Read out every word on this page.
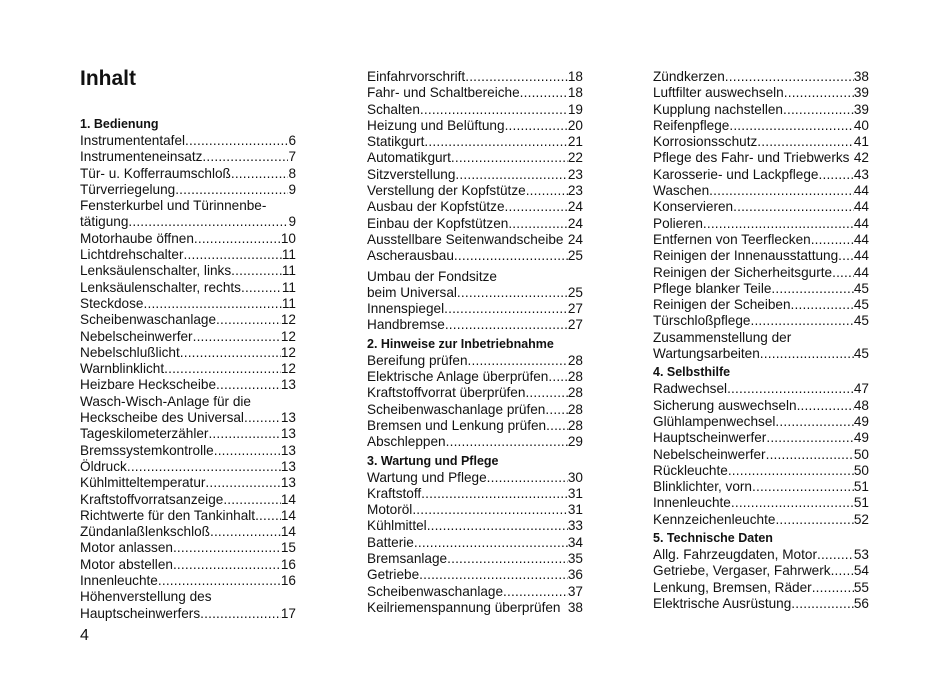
Inhalt
1. Bedienung
Instrumententafel .....	6
Instrumenteneinsatz .....	7
Tür- u. Kofferraumschloß .....	8
Türverriegelung .....	9
Fensterkurbel und Türinnenbe-
tätigung .....	9
Motorhaube öffnen .....	10
Lichtdrehschalter .....	11
Lenksäulenschalter, links .....	11
Lenksäulenschalter, rechts .....	11
Steckdose .....	11
Scheibenwaschanlage .....	12
Nebelscheinwerfer .....	12
Nebelschlußlicht .....	12
Warnblinklicht .....	12
Heizbare Heckscheibe .....	13
Wasch-Wisch-Anlage für die
Heckscheibe des Universal .....	13
Tageskilometerzähler .....	13
Bremssystemkontrolle .....	13
Öldruck .....	13
Kühlmitteltemperatur .....	13
Kraftstoffvorratsanzeige .....	14
Richtwerte für den Tankinhalt ..... 14
Zündanlaßlenkschloß .....	14
Motor anlassen .....	15
Motor abstellen .....	16
Innenleuchte .....	16
Höhenverstellung des
Hauptscheinwerfers .....	17
Einfahrvorschrift .....	18
Fahr- und Schaltbereiche .....	18
Schalten .....	19
Heizung und Belüftung .....	20
Statikgurt .....	21
Automatikgurt .....	22
Sitzverstellung .....	23
Verstellung der Kopfstütze .....	23
Ausbau der Kopfstütze .....	24
Einbau der Kopfstützen .....	24
Ausstellbare Seitenwandscheibe 24
Ascherausbau .....	25
Umbau der Fondsitze
beim Universal .....	25
Innenspiegel .....	27
Handbremse .....	27
2. Hinweise zur Inbetriebnahme
Bereifung prüfen .....	28
Elektrische Anlage überprüfen ..... 28
Kraftstoffvorrat überprüfen .....	28
Scheibenwaschanlage prüfen ..... 28
Bremsen und Lenkung prüfen ..... 28
Abschleppen .....	29
3. Wartung und Pflege
Wartung und Pflege .....	30
Kraftstoff .....	31
Motoröl .....	31
Kühlmittel .....	33
Batterie .....	34
Bremsanlage .....	35
Getriebe .....	36
Scheibenwaschanlage .....	37
Keilriemenspannung überprüfen 38
Zündkerzen .....	38
Luftfilter auswechseln .....	39
Kupplung nachstellen .....	39
Reifenpflege .....	40
Korrosionsschutz .....	41
Pflege des Fahr- und Triebwerks 42
Karosserie- und Lackpflege .....	43
Waschen .....	44
Konservieren .....	44
Polieren .....	44
Entfernen von Teerflecken .....	44
Reinigen der Innenausstattung ..... 44
Reinigen der Sicherheitsgurte ..... 44
Pflege blanker Teile .....	45
Reinigen der Scheiben .....	45
Türschloßpflege .....	45
Zusammenstellung der
Wartungsarbeiten .....	45
4. Selbsthilfe
Radwechsel .....	47
Sicherung auswechseln .....	48
Glühlampenwechsel .....	49
Hauptscheinwerfer .....	49
Nebelscheinwerfer .....	50
Rückleuchte .....	50
Blinklichter, vorn .....	51
Innenleuchte .....	51
Kennzeichenleuchte .....	52
5. Technische Daten
Allg. Fahrzeugdaten, Motor .....	53
Getriebe, Vergaser, Fahrwerk ..... 54
Lenkung, Bremsen, Räder .....	55
Elektrische Ausrüstung .....	56
4
